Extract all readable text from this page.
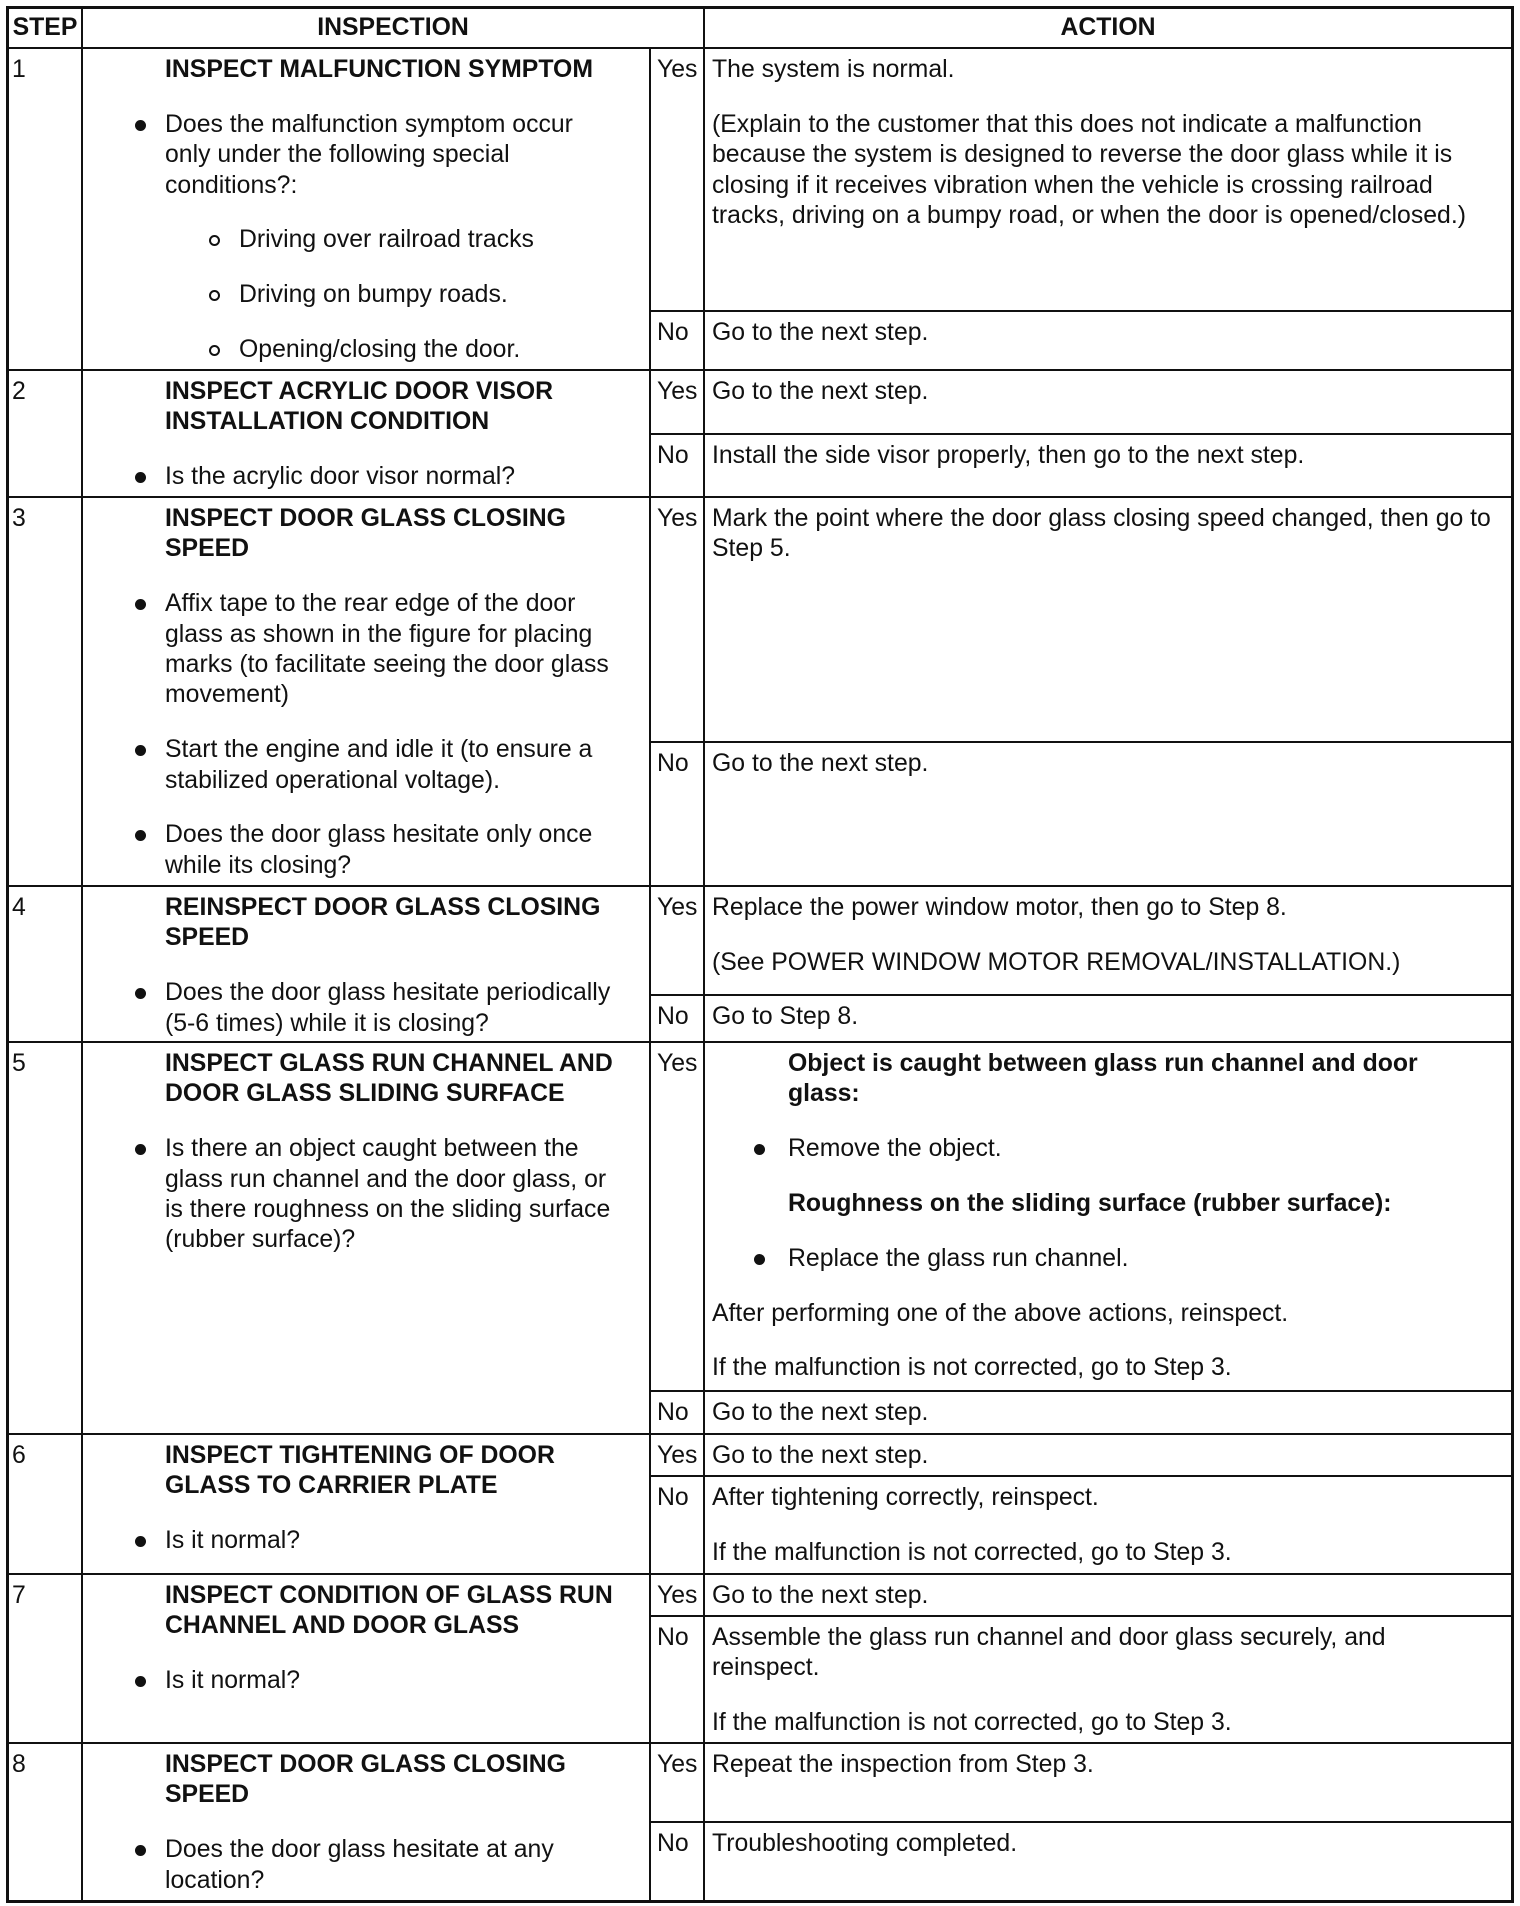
STEP	INSPECTION	ACTION
1	INSPECT MALFUNCTION SYMPTOM
Does the malfunction symptom occur
only under the following special
conditions?:
Driving over railroad tracks
Driving on bumpy roads.
Opening/closing the door.
Yes The system is normal.
(Explain to the customer that this does not indicate a malfunction
because the system is designed to reverse the door glass while it is
closing if it receives vibration when the vehicle is crossing railroad
tracks, driving on a bumpy road, or when the door is opened/closed.)
No Go to the next step.
2	INSPECT ACRYLIC DOOR VISOR
INSTALLATION CONDITION
Is the acrylic door visor normal?
Yes Go to the next step.
No Install the side visor properly, then go to the next step.
3	INSPECT DOOR GLASS CLOSING
SPEED
Affix tape to the rear edge of the door
glass as shown in the figure for placing
marks (to facilitate seeing the door glass
movement)
Start the engine and idle it (to ensure a
stabilized operational voltage).
Does the door glass hesitate only once
while its closing?
Yes Mark the point where the door glass closing speed changed, then go to
Step 5.
No Go to the next step.
4	REINSPECT DOOR GLASS CLOSING
SPEED
Does the door glass hesitate periodically
(5-6 times) while it is closing?
Yes Replace the power window motor, then go to Step 8.
(See POWER WINDOW MOTOR REMOVAL/INSTALLATION.)
No Go to Step 8.
5	INSPECT GLASS RUN CHANNEL AND
DOOR GLASS SLIDING SURFACE
Is there an object caught between the
glass run channel and the door glass, or
is there roughness on the sliding surface
(rubber surface)?
Yes	Object is caught between glass run channel and door
glass:
Remove the object.
Roughness on the sliding surface (rubber surface):
Replace the glass run channel.
After performing one of the above actions, reinspect.
If the malfunction is not corrected, go to Step 3.
No Go to the next step.
6	INSPECT TIGHTENING OF DOOR
GLASS TO CARRIER PLATE
Is it normal?
Yes Go to the next step.
No After tightening correctly, reinspect.
If the malfunction is not corrected, go to Step 3.
7	INSPECT CONDITION OF GLASS RUN
CHANNEL AND DOOR GLASS
Is it normal?
Yes Go to the next step.
No Assemble the glass run channel and door glass securely, and
reinspect.
If the malfunction is not corrected, go to Step 3.
8	INSPECT DOOR GLASS CLOSING
SPEED
Does the door glass hesitate at any
location?
Yes Repeat the inspection from Step 3.
No Troubleshooting completed.
